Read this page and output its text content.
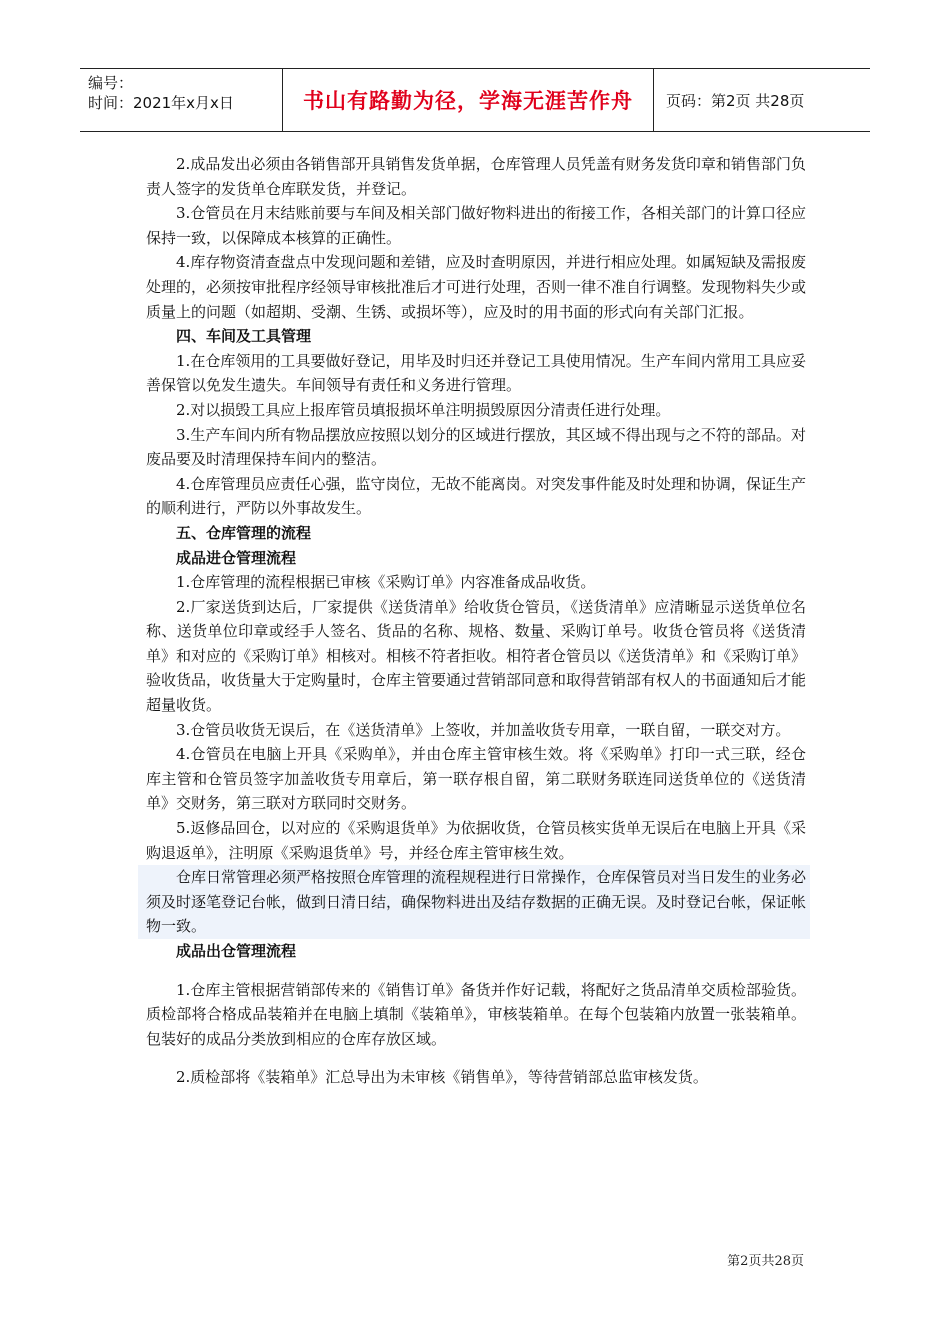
编号：
时间：2021年x月x日	书山有路勤为径，学海无涯苦作舟 页码：第2页 共28页

2.成品发出必须由各销售部开具销售发货单据，仓库管理人员凭盖有财务发货印章和销售部门负责人签字的发货单仓库联发货，并登记。

3.仓管员在月末结账前要与车间及相关部门做好物料进出的衔接工作，各相关部门的计算口径应保持一致，以保障成本核算的正确性。

4.库存物资清查盘点中发现问题和差错，应及时查明原因，并进行相应处理。如属短缺及需报废处理的，必须按审批程序经领导审核批准后才可进行处理，否则一律不准自行调整。发现物料失少或质量上的问题（如超期、受潮、生锈、或损坏等），应及时的用书面的形式向有关部门汇报。

四、车间及工具管理

1.在仓库领用的工具要做好登记，用毕及时归还并登记工具使用情况。生产车间内常用工具应妥善保管以免发生遗失。车间领导有责任和义务进行管理。

2.对以损毁工具应上报库管员填报损坏单注明损毁原因分清责任进行处理。

3.生产车间内所有物品摆放应按照以划分的区域进行摆放，其区域不得出现与之不符的部品。对废品要及时清理保持车间内的整洁。

4.仓库管理员应责任心强，监守岗位，无故不能离岗。对突发事件能及时处理和协调，保证生产的顺利进行，严防以外事故发生。

五、仓库管理的流程

成品进仓管理流程

1.仓库管理的流程根据已审核《采购订单》内容准备成品收货。

2.厂家送货到达后，厂家提供《送货清单》给收货仓管员，《送货清单》应清晰显示送货单位名称、送货单位印章或经手人签名、货品的名称、规格、数量、采购订单号。收货仓管员将《送货清单》和对应的《采购订单》相核对。相核不符者拒收。相符者仓管员以《送货清单》和《采购订单》验收货品，收货量大于定购量时，仓库主管要通过营销部同意和取得营销部有权人的书面通知后才能超量收货。

3.仓管员收货无误后，在《送货清单》上签收，并加盖收货专用章，一联自留，一联交对方。

4.仓管员在电脑上开具《采购单》，并由仓库主管审核生效。将《采购单》打印一式三联，经仓库主管和仓管员签字加盖收货专用章后，第一联存根自留，第二联财务联连同送货单位的《送货清单》交财务，第三联对方联同时交财务。

5.返修品回仓，以对应的《采购退货单》为依据收货，仓管员核实货单无误后在电脑上开具《采购退返单》，注明原《采购退货单》号，并经仓库主管审核生效。

仓库日常管理必须严格按照仓库管理的流程规程进行日常操作，仓库保管员对当日发生的业务必须及时逐笔登记台帐，做到日清日结，确保物料进出及结存数据的正确无误。及时登记台帐，保证帐物一致。

成品出仓管理流程

1.仓库主管根据营销部传来的《销售订单》备货并作好记载，将配好之货品清单交质检部验货。质检部将合格成品装箱并在电脑上填制《装箱单》，审核装箱单。在每个包装箱内放置一张装箱单。包装好的成品分类放到相应的仓库存放区域。

2.质检部将《装箱单》汇总导出为未审核《销售单》，等待营销部总监审核发货。

第2页共28页
